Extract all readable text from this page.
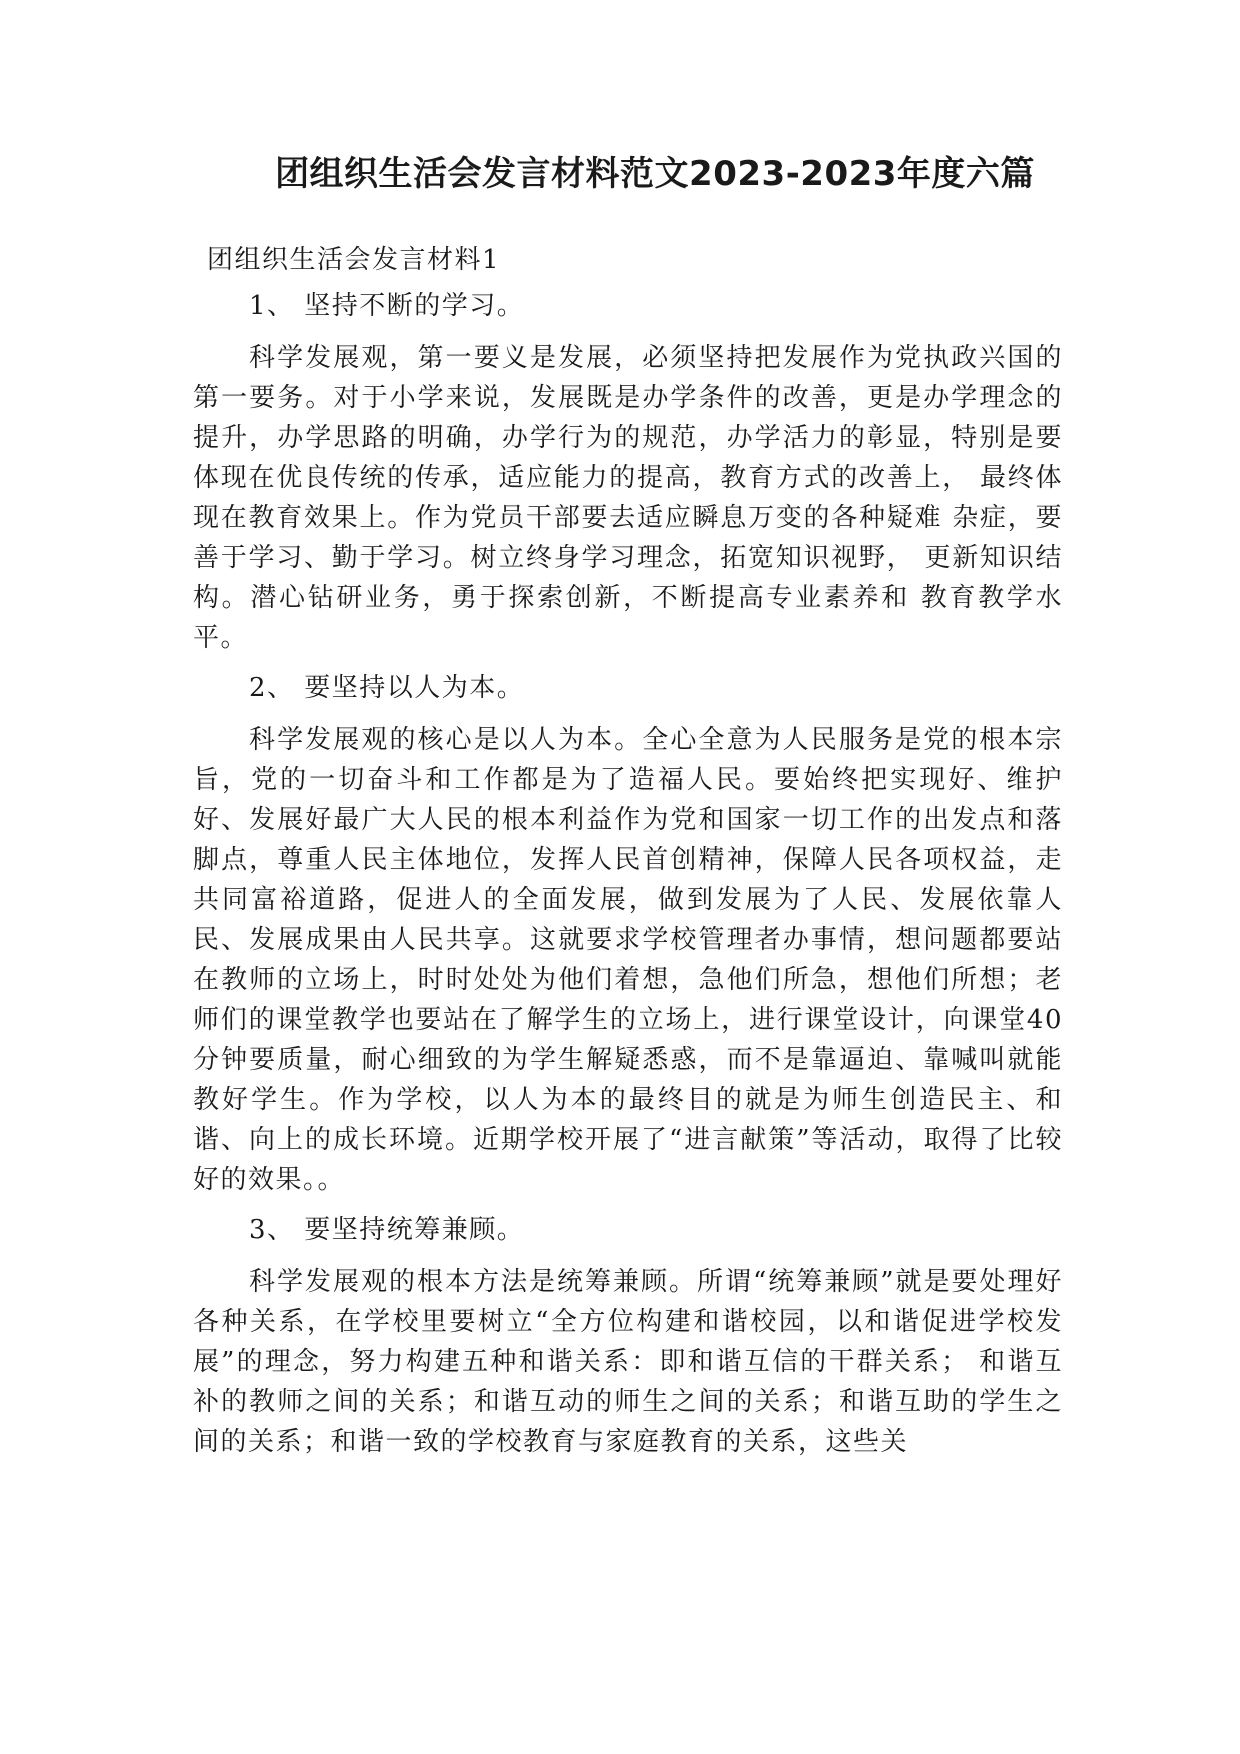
团组织生活会发言材料范文2023-2023年度六篇

团组织生活会发言材料1

1、 坚持不断的学习。

科学发展观，第一要义是发展，必须坚持把发展作为党执政兴国的第一要务。对于小学来说，发展既是办学条件的改善，更是办学理念的提升，办学思路的明确，办学行为的规范，办学活力的彰显，特别是要体现在优良传统的传承，适应能力的提高，教育方式的改善上， 最终体现在教育效果上。作为党员干部要去适应瞬息万变的各种疑难 杂症，要善于学习、勤于学习。树立终身学习理念，拓宽知识视野， 更新知识结构。潜心钻研业务，勇于探索创新，不断提高专业素养和 教育教学水平。

2、 要坚持以人为本。

科学发展观的核心是以人为本。全心全意为人民服务是党的根本宗旨，党的一切奋斗和工作都是为了造福人民。要始终把实现好、维护好、发展好最广大人民的根本利益作为党和国家一切工作的出发点和落脚点，尊重人民主体地位，发挥人民首创精神，保障人民各项权益，走共同富裕道路，促进人的全面发展，做到发展为了人民、发展依靠人民、发展成果由人民共享。这就要求学校管理者办事情，想问题都要站在教师的立场上，时时处处为他们着想，急他们所急，想他们所想；老师们的课堂教学也要站在了解学生的立场上，进行课堂设计，向课堂40分钟要质量，耐心细致的为学生解疑悉惑，而不是靠逼迫、靠喊叫就能教好学生。作为学校，以人为本的最终目的就是为师生创造民主、和谐、向上的成长环境。近期学校开展了“进言献策”等活动，取得了比较好的效果。。

3、 要坚持统筹兼顾。

科学发展观的根本方法是统筹兼顾。所谓“统筹兼顾”就是要处理好各种关系，在学校里要树立“全方位构建和谐校园，以和谐促进学校发展”的理念，努力构建五种和谐关系：即和谐互信的干群关系； 和谐互补的教师之间的关系；和谐互动的师生之间的关系；和谐互助的学生之间的关系；和谐一致的学校教育与家庭教育的关系，这些关
